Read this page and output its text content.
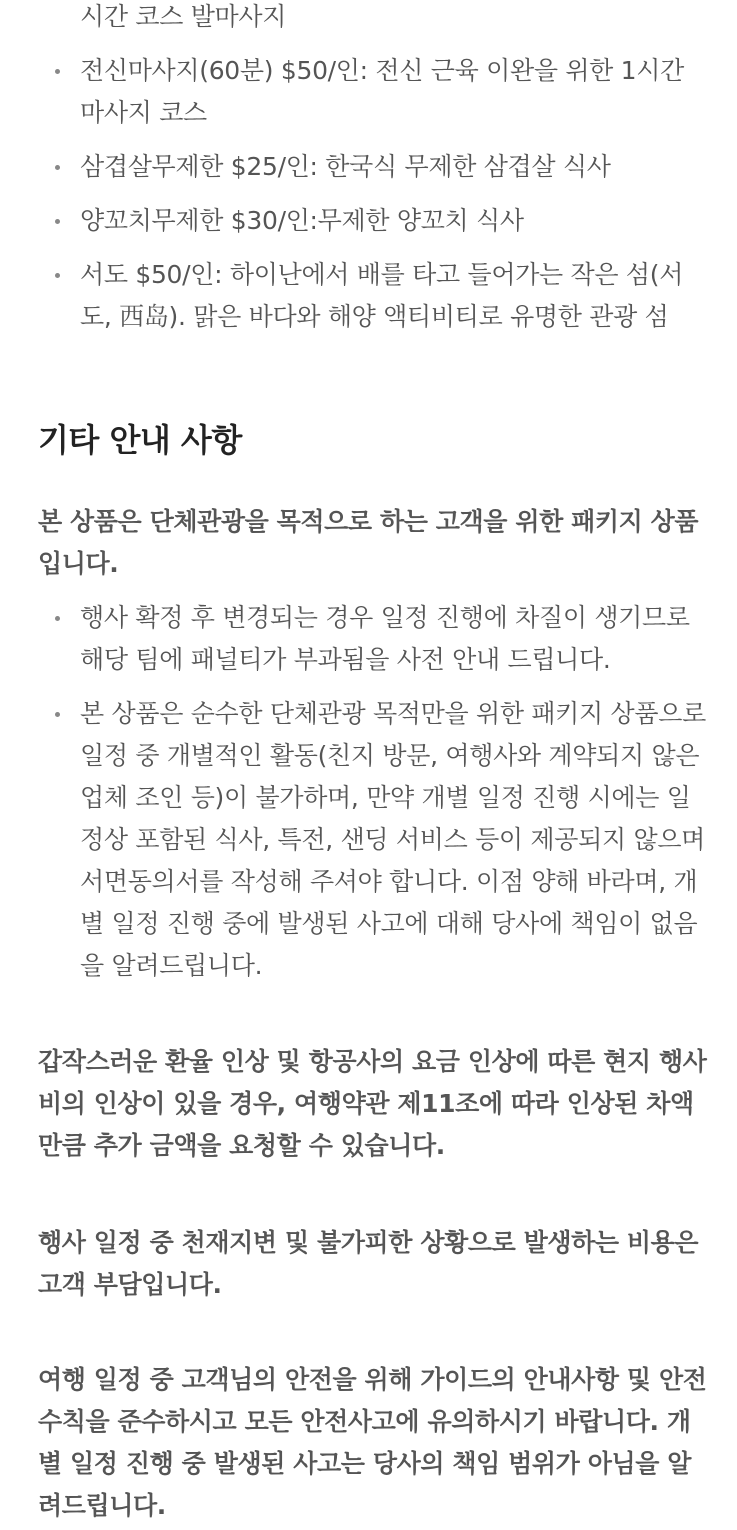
시간 코스 발마사지
전신마사지(60분) $50/인: 전신 근육 이완을 위한 1시간 마사지 코스
삼겹살무제한 $25/인: 한국식 무제한 삼겹살 식사
양꼬치무제한 $30/인:무제한 양꼬치 식사
서도 $50/인: 하이난에서 배를 타고 들어가는 작은 섬(서도, 西岛). 맑은 바다와 해양 액티비티로 유명한 관광 섬
기타 안내 사항

본 상품은 단체관광을 목적으로 하는 고객을 위한 패키지 상품입니다.

행사 확정 후 변경되는 경우 일정 진행에 차질이 생기므로 해당 팀에 패널티가 부과됨을 사전 안내 드립니다.
본 상품은 순수한 단체관광 목적만을 위한 패키지 상품으로 일정 중 개별적인 활동(친지 방문, 여행사와 계약되지 않은 업체 조인 등)이 불가하며, 만약 개별 일정 진행 시에는 일정상 포함된 식사, 특전, 샌딩 서비스 등이 제공되지 않으며 서면동의서를 작성해 주셔야 합니다. 이점 양해 바라며, 개별 일정 진행 중에 발생된 사고에 대해 당사에 책임이 없음을 알려드립니다.

갑작스러운 환율 인상 및 항공사의 요금 인상에 따른 현지 행사비의 인상이 있을 경우, 여행약관 제11조에 따라 인상된 차액만큼 추가 금액을 요청할 수 있습니다.

행사 일정 중 천재지변 및 불가피한 상황으로 발생하는 비용은 고객 부담입니다.

여행 일정 중 고객님의 안전을 위해 가이드의 안내사항 및 안전수칙을 준수하시고 모든 안전사고에 유의하시기 바랍니다. 개별 일정 진행 중 발생된 사고는 당사의 책임 범위가 아님을 알려드립니다.
